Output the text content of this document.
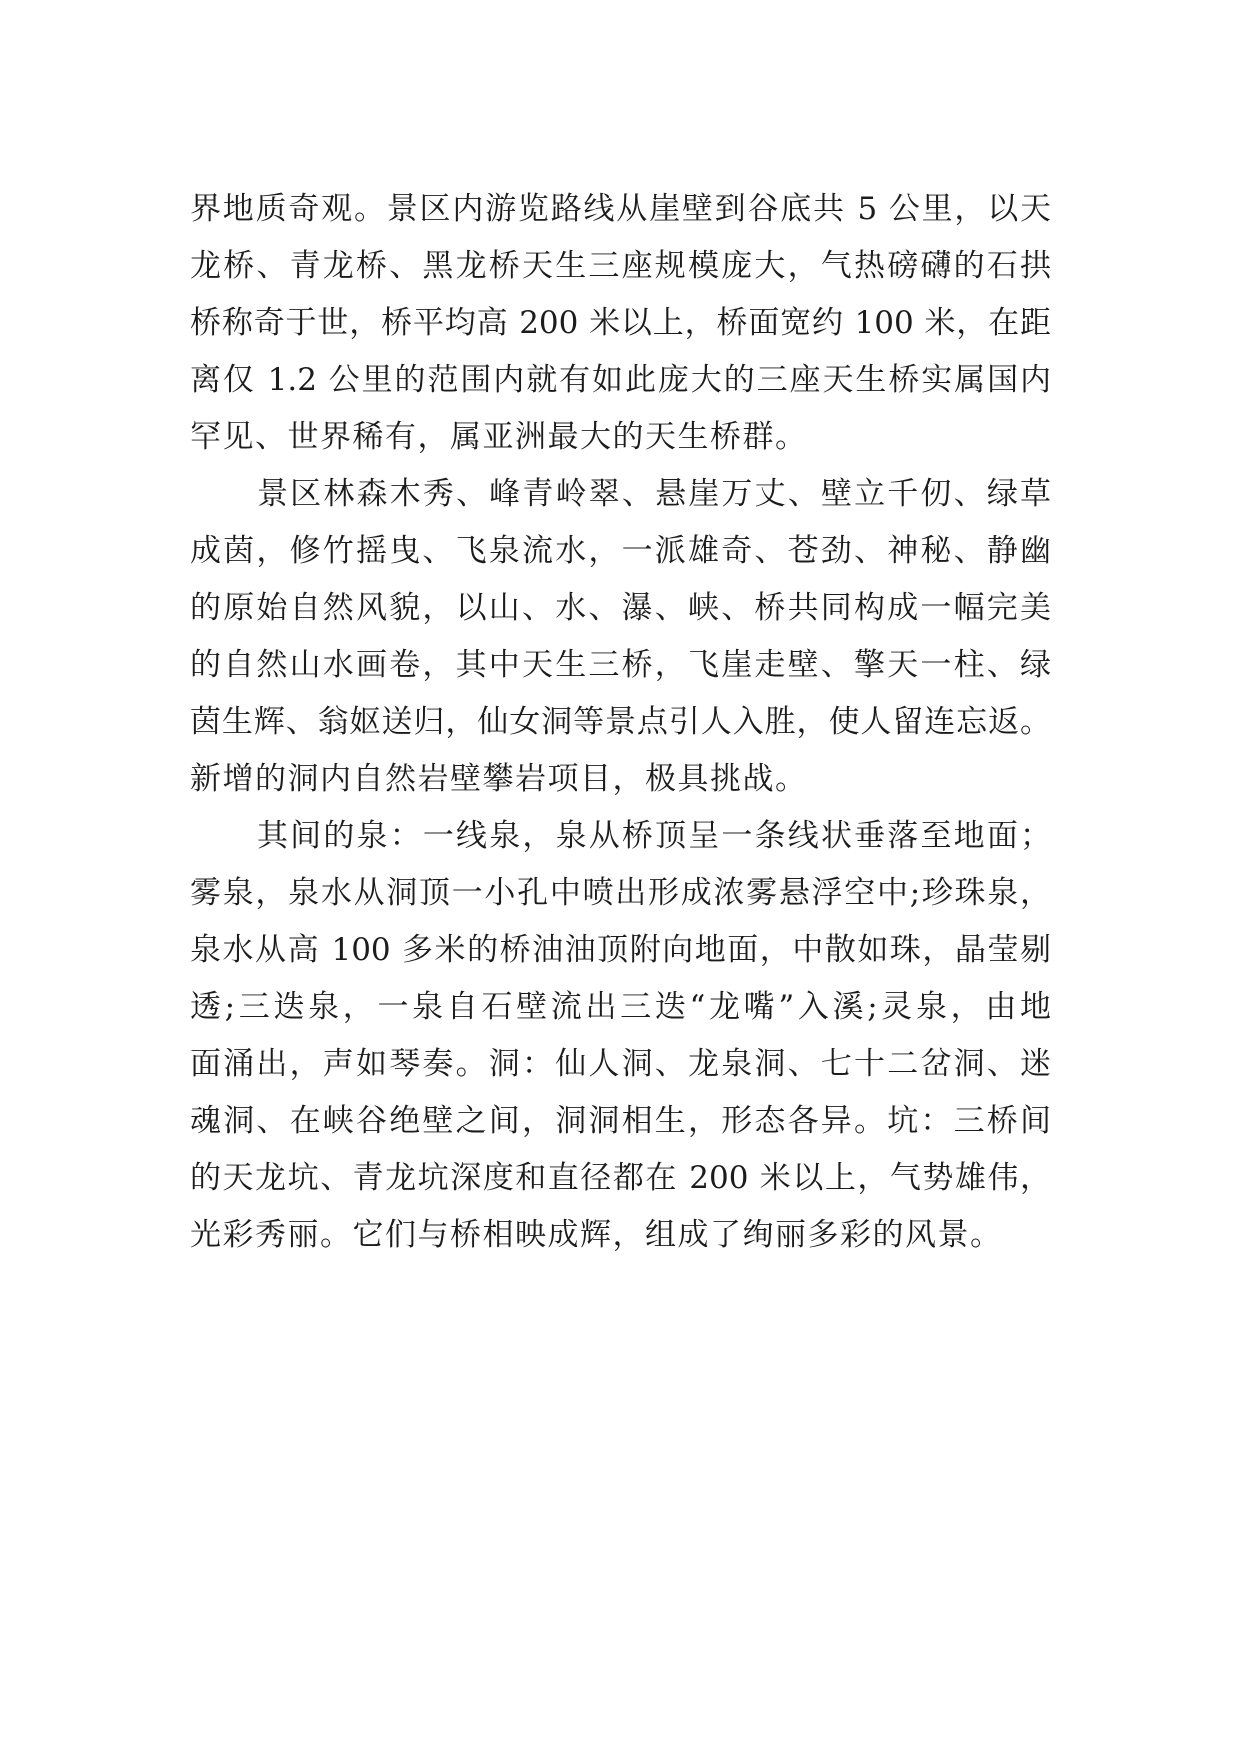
界地质奇观。景区内游览路线从崖壁到谷底共 5 公里，以天
龙桥、青龙桥、黑龙桥天生三座规模庞大，气热磅礴的石拱
桥称奇于世，桥平均高 200 米以上，桥面宽约 100 米，在距
离仅 1.2 公里的范围内就有如此庞大的三座天生桥实属国内
罕见、世界稀有，属亚洲最大的天生桥群。
景区林森木秀、峰青岭翠、悬崖万丈、壁立千仞、绿草
成茵，修竹摇曳、飞泉流水，一派雄奇、苍劲、神秘、静幽
的原始自然风貌，以山、水、瀑、峡、桥共同构成一幅完美
的自然山水画卷，其中天生三桥，飞崖走壁、擎天一柱、绿
茵生辉、翁妪送归，仙女洞等景点引人入胜，使人留连忘返。
新增的洞内自然岩壁攀岩项目，极具挑战。
其间的泉：一线泉，泉从桥顶呈一条线状垂落至地面；
雾泉，泉水从洞顶一小孔中喷出形成浓雾悬浮空中;珍珠泉，
泉水从高 100 多米的桥油油顶附向地面，中散如珠，晶莹剔
透;三迭泉，一泉自石壁流出三迭“龙嘴”入溪;灵泉，由地
面涌出，声如琴奏。洞：仙人洞、龙泉洞、七十二岔洞、迷
魂洞、在峡谷绝壁之间，洞洞相生，形态各异。坑：三桥间
的天龙坑、青龙坑深度和直径都在 200 米以上，气势雄伟，
光彩秀丽。它们与桥相映成辉，组成了绚丽多彩的风景。
